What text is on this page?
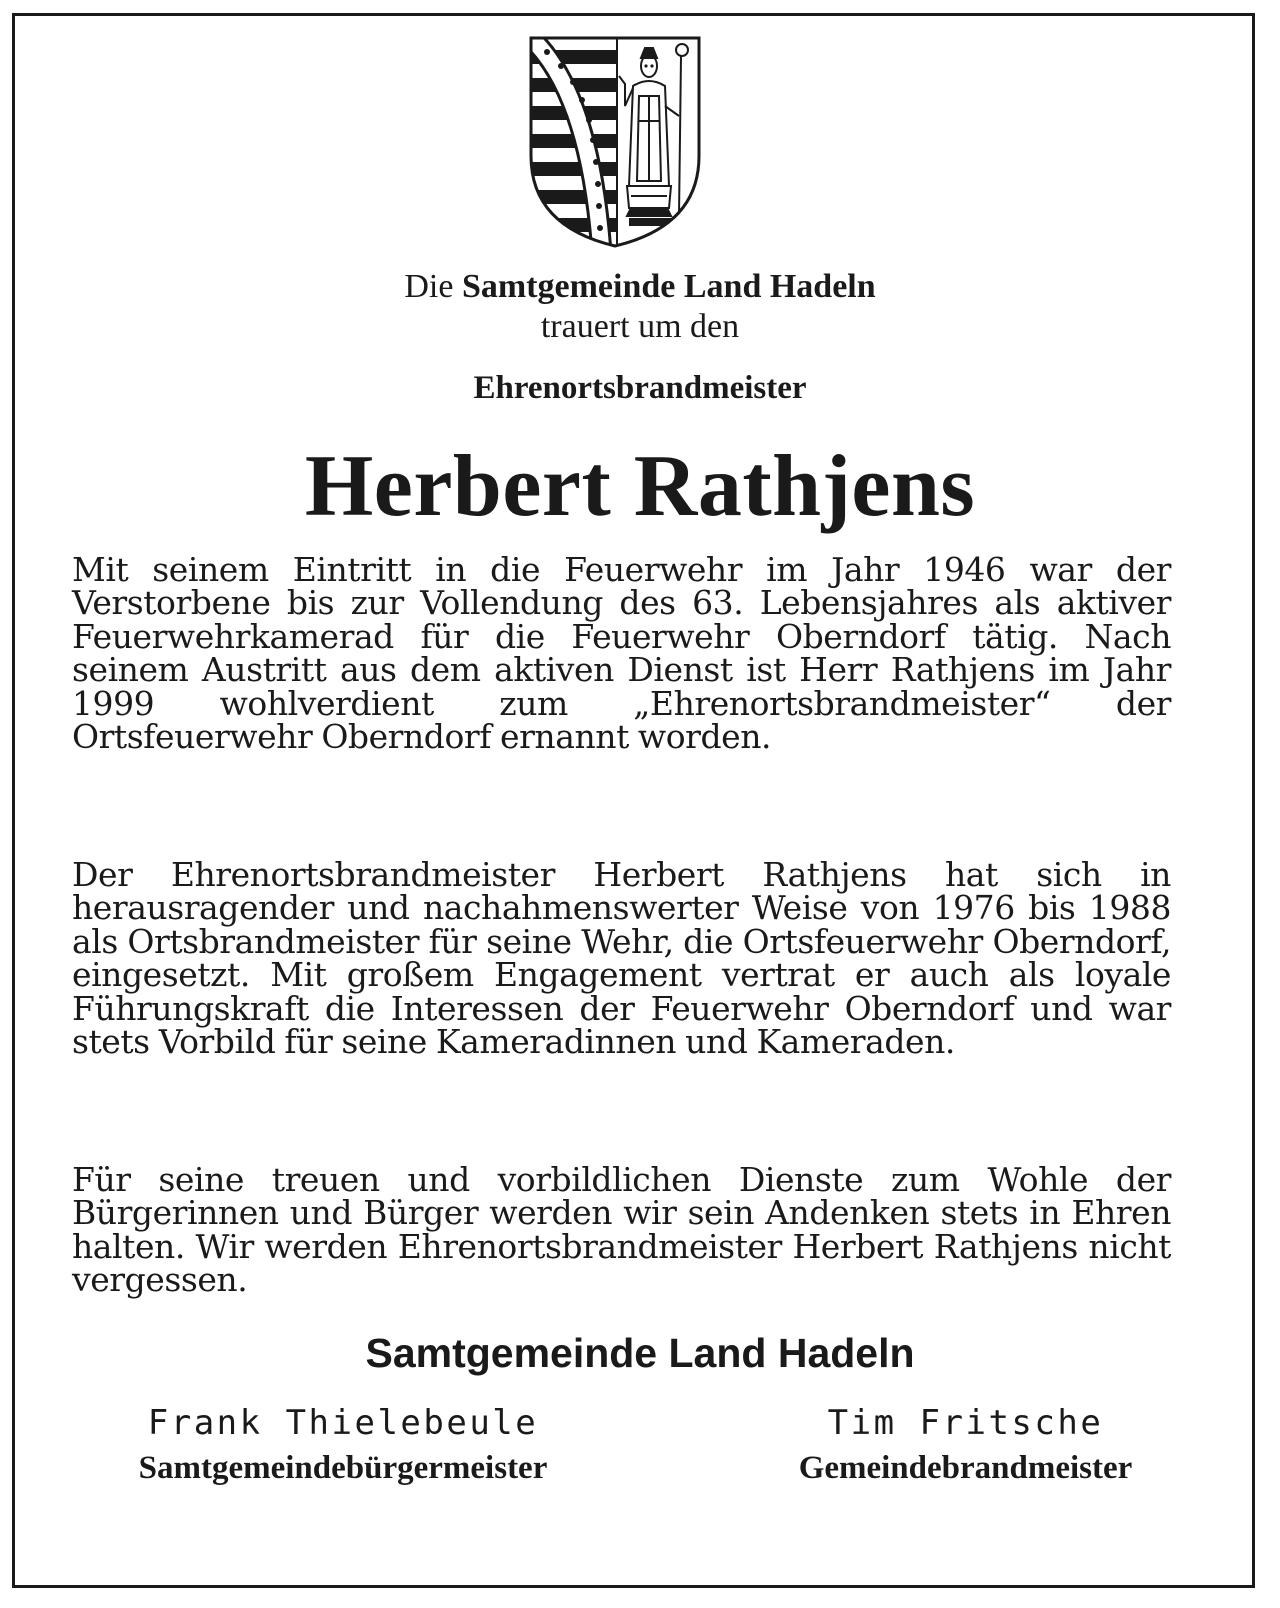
Die Samtgemeinde Land Hadeln
trauert um den
Ehrenortsbrandmeister
Herbert Rathjens

Mit seinem Eintritt in die Feuerwehr im Jahr 1946 war der Verstorbene bis zur Vollendung des 63. Lebensjahres als aktiver Feuerwehrkamerad für die Feuerwehr Oberndorf tätig. Nach seinem Austritt aus dem aktiven Dienst ist Herr Rathjens im Jahr 1999 wohlverdient zum „Ehrenortsbrandmeister“ der Ortsfeuerwehr Oberndorf ernannt worden.

Der Ehrenortsbrandmeister Herbert Rathjens hat sich in herausragender und nachahmenswerter Weise von 1976 bis 1988 als Ortsbrandmeister für seine Wehr, die Ortsfeuerwehr Oberndorf, eingesetzt. Mit großem Engagement vertrat er auch als loyale Führungskraft die Interessen der Feuerwehr Oberndorf und war stets Vorbild für seine Kameradinnen und Kameraden.

Für seine treuen und vorbildlichen Dienste zum Wohle der Bürgerinnen und Bürger werden wir sein Andenken stets in Ehren halten. Wir werden Ehrenortsbrandmeister Herbert Rathjens nicht vergessen.

Samtgemeinde Land Hadeln
Frank Thielebeule
Samtgemeindebürgermeister
Tim Fritsche
Gemeindebrandmeister
